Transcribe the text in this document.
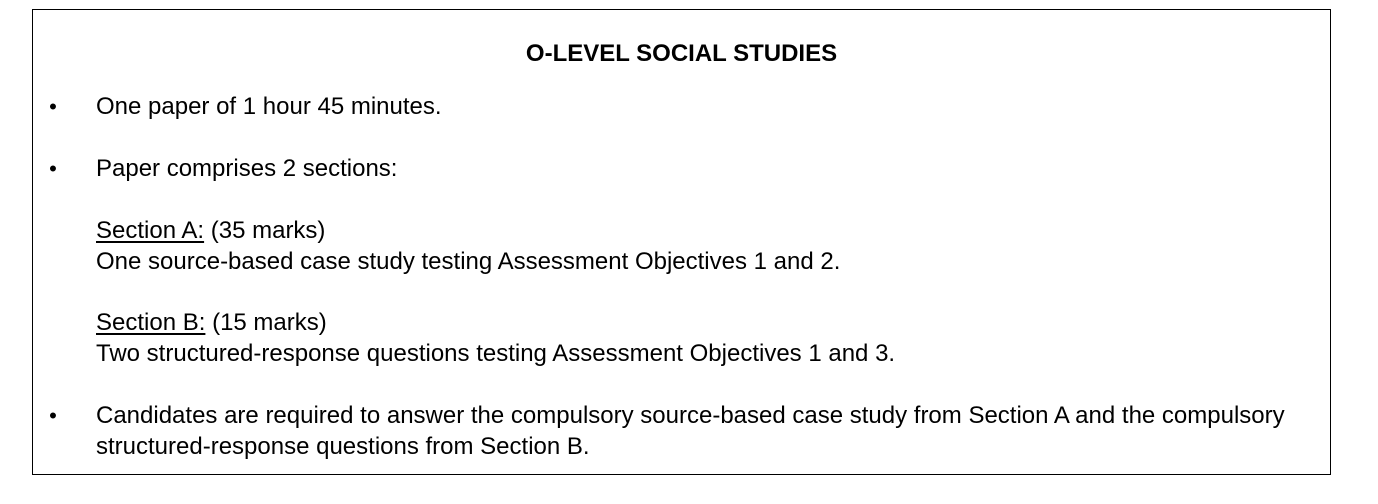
O-LEVEL SOCIAL STUDIES
• One paper of 1 hour 45 minutes.
• Paper comprises 2 sections:
Section A: (35 marks)
One source-based case study testing Assessment Objectives 1 and 2.
Section B: (15 marks)
Two structured-response questions testing Assessment Objectives 1 and 3.
• Candidates are required to answer the compulsory source-based case study from Section A and the compulsory structured-response questions from Section B.
